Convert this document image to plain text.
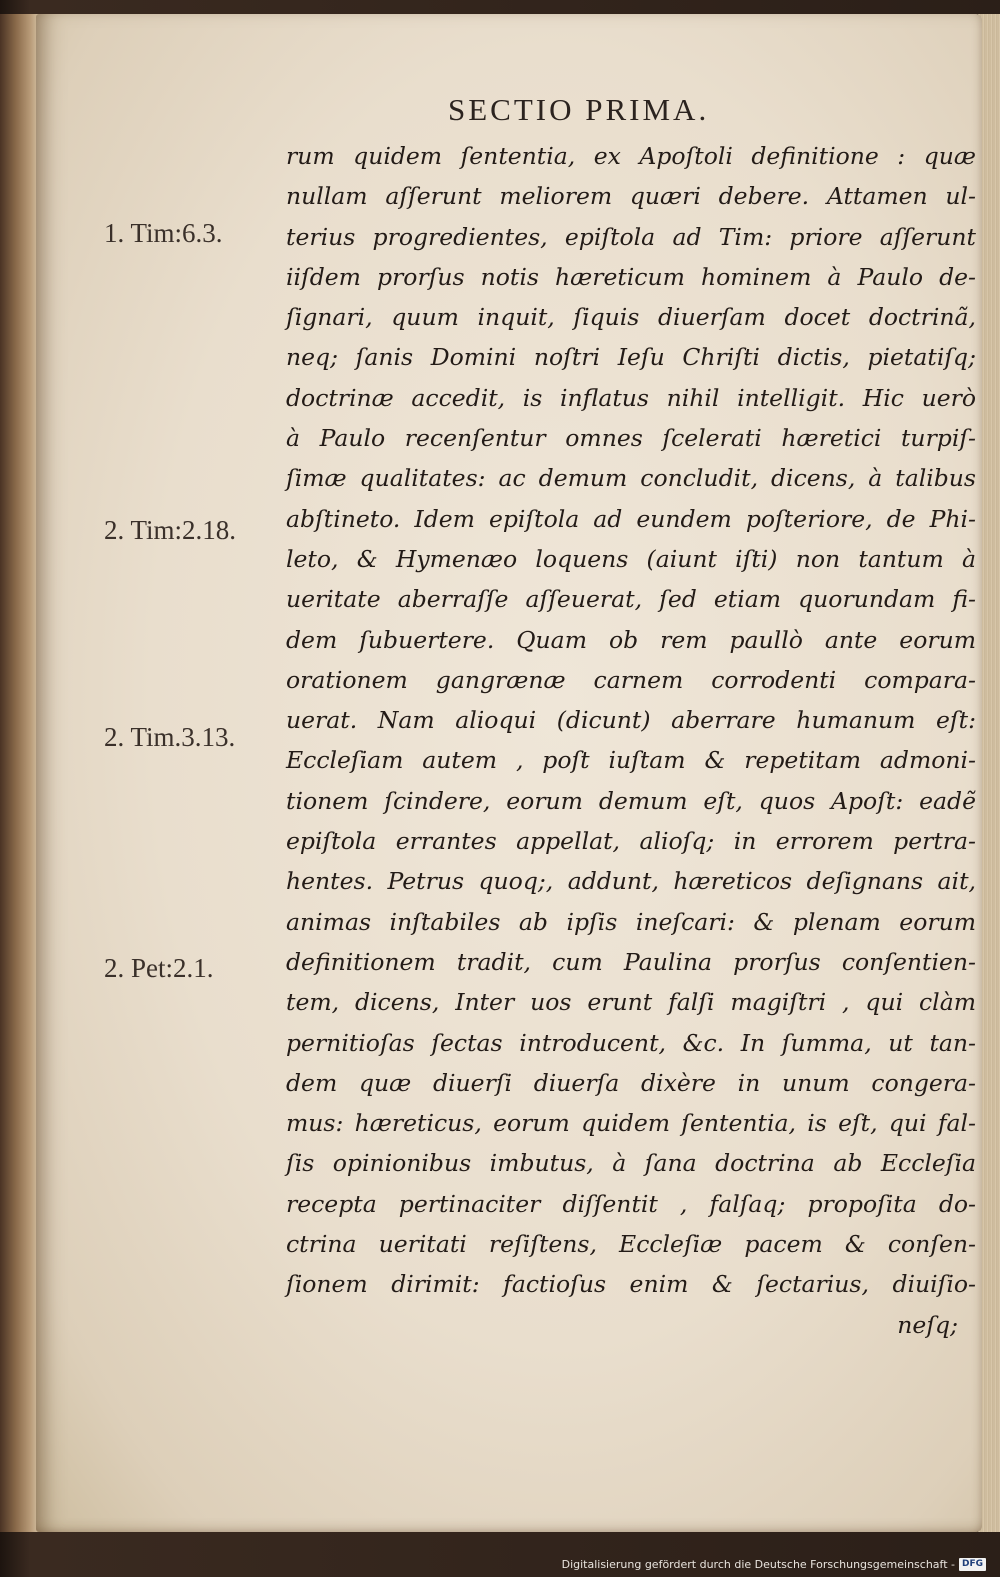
SECTIO PRIMA.
1. Tim:6.3.
2. Tim:2.18.
2. Tim.3.13.
2. Pet:2.1.
rum quidem ſententia, ex Apoſtoli definitione : quæ
nullam aſſerunt meliorem quæri debere. Attamen ul-
terius progredientes, epiſtola ad Tim: priore aſſerunt
iiſdem prorſus notis hæreticum hominem à Paulo de-
ſignari, quum inquit, ſiquis diuerſam docet doctrinã,
neq; ſanis Domini noſtri Ieſu Chriſti dictis, pietatiſq;
doctrinæ accedit, is inflatus nihil intelligit. Hic uerò
à Paulo recenſentur omnes ſcelerati hæretici turpiſ-
ſimæ qualitates: ac demum concludit, dicens, à talibus
abſtineto. Idem epiſtola ad eundem poſteriore, de Phi-
leto, & Hymenæo loquens (aiunt iſti) non tantum à
ueritate aberraſſe aſſeuerat, ſed etiam quorundam fi-
dem ſubuertere. Quam ob rem paullò ante eorum
orationem gangrænæ carnem corrodenti compara-
uerat. Nam alioqui (dicunt) aberrare humanum eſt:
Eccleſiam autem , poſt iuſtam & repetitam admoni-
tionem ſcindere, eorum demum eſt, quos Apoſt: eadẽ
epiſtola errantes appellat, alioſq; in errorem pertra-
hentes. Petrus quoq;, addunt, hæreticos deſignans ait,
animas inſtabiles ab ipſis ineſcari: & plenam eorum
definitionem tradit, cum Paulina prorſus conſentien-
tem, dicens, Inter uos erunt falſi magiſtri , qui clàm
pernitioſas ſectas introducent, &c. In ſumma, ut tan-
dem quæ diuerſi diuerſa dixère in unum congera-
mus: hæreticus, eorum quidem ſententia, is eſt, qui fal-
ſis opinionibus imbutus, à ſana doctrina ab Eccleſia
recepta pertinaciter diſſentit , falſaq; propoſita do-
ctrina ueritati reſiſtens, Eccleſiæ pacem & conſen-
ſionem dirimit: factioſus enim & ſectarius, diuiſio-
neſq;
Digitalisierung gefördert durch die Deutsche Forschungsgemeinschaft - DFG
